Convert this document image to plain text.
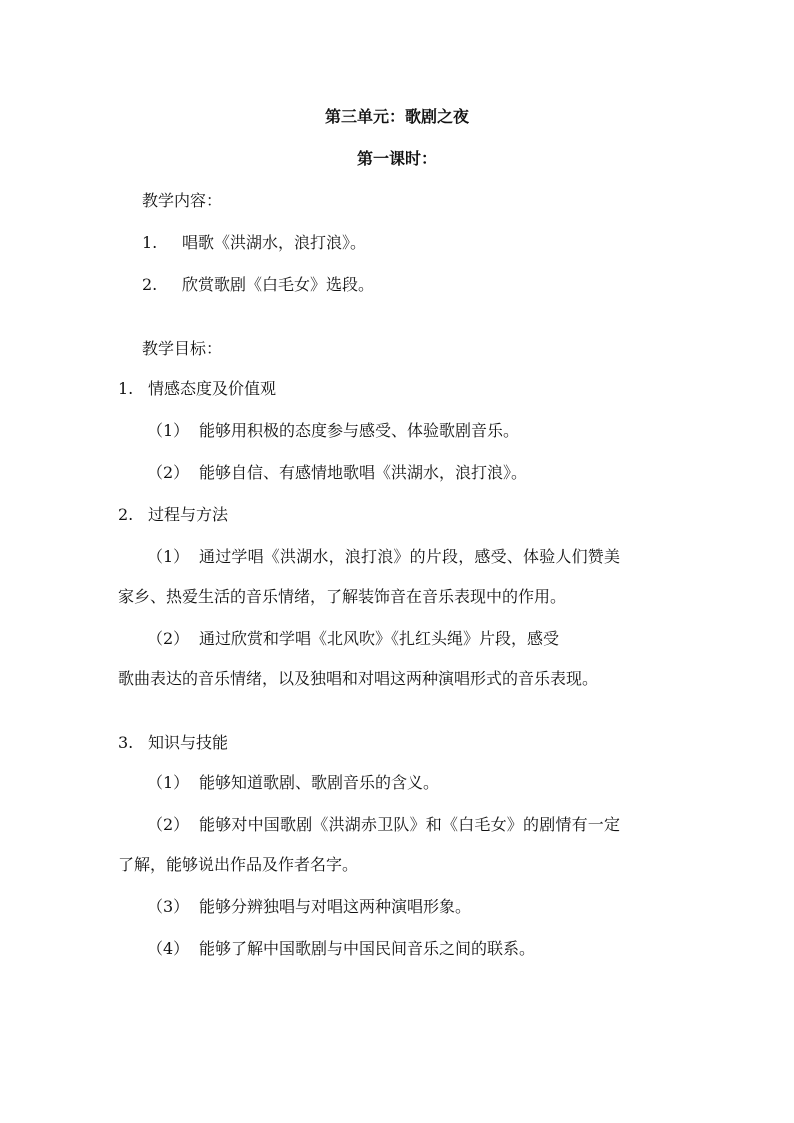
第三单元：歌剧之夜
第一课时：
教学内容：
1. 唱歌《洪湖水，浪打浪》。
2. 欣赏歌剧《白毛女》选段。
教学目标：
1. 情感态度及价值观
（1） 能够用积极的态度参与感受、体验歌剧音乐。
（2） 能够自信、有感情地歌唱《洪湖水，浪打浪》。
2. 过程与方法
（1） 通过学唱《洪湖水，浪打浪》的片段，感受、体验人们赞美
家乡、热爱生活的音乐情绪，了解装饰音在音乐表现中的作用。
（2） 通过欣赏和学唱《北风吹》《扎红头绳》片段，感受
歌曲表达的音乐情绪，以及独唱和对唱这两种演唱形式的音乐表现。
3. 知识与技能
（1） 能够知道歌剧、歌剧音乐的含义。
（2） 能够对中国歌剧《洪湖赤卫队》和《白毛女》的剧情有一定
了解，能够说出作品及作者名字。
（3） 能够分辨独唱与对唱这两种演唱形象。
（4） 能够了解中国歌剧与中国民间音乐之间的联系。
